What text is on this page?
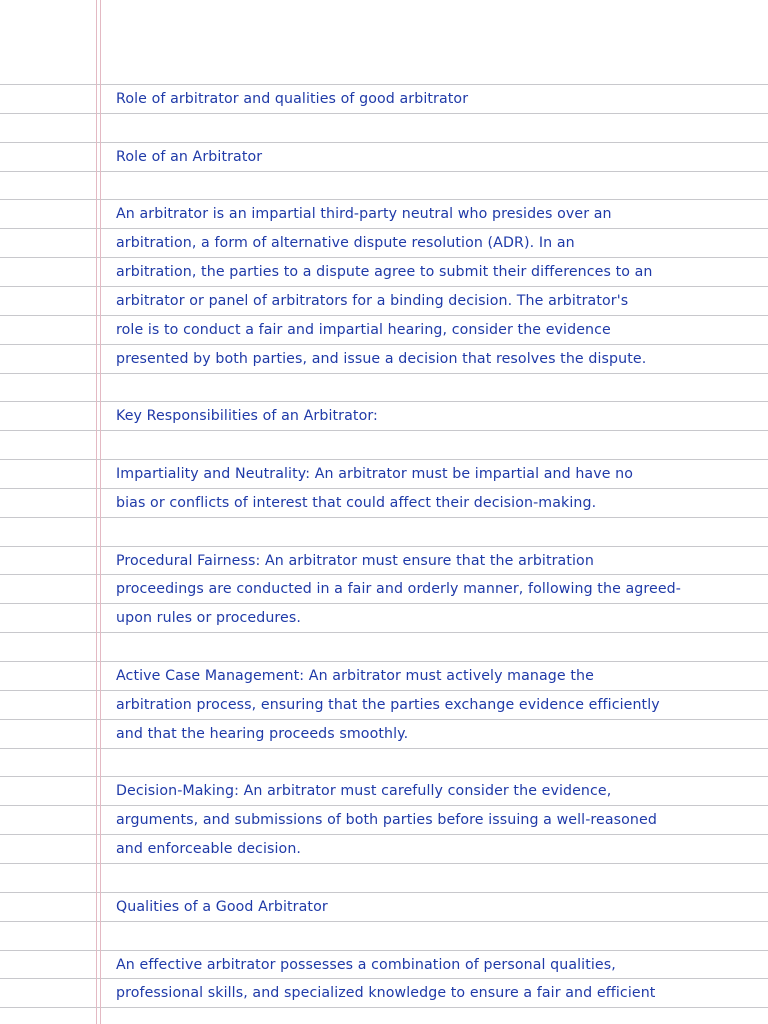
Role of arbitrator and qualities of good arbitrator
Role of an Arbitrator
An arbitrator is an impartial third-party neutral who presides over an
arbitration, a form of alternative dispute resolution (ADR). In an
arbitration, the parties to a dispute agree to submit their differences to an
arbitrator or panel of arbitrators for a binding decision. The arbitrator's
role is to conduct a fair and impartial hearing, consider the evidence
presented by both parties, and issue a decision that resolves the dispute.
Key Responsibilities of an Arbitrator:
Impartiality and Neutrality: An arbitrator must be impartial and have no
bias or conflicts of interest that could affect their decision-making.
Procedural Fairness: An arbitrator must ensure that the arbitration
proceedings are conducted in a fair and orderly manner, following the agreed-
upon rules or procedures.
Active Case Management: An arbitrator must actively manage the
arbitration process, ensuring that the parties exchange evidence efficiently
and that the hearing proceeds smoothly.
Decision-Making: An arbitrator must carefully consider the evidence,
arguments, and submissions of both parties before issuing a well-reasoned
and enforceable decision.
Qualities of a Good Arbitrator
An effective arbitrator possesses a combination of personal qualities,
professional skills, and specialized knowledge to ensure a fair and efficient
